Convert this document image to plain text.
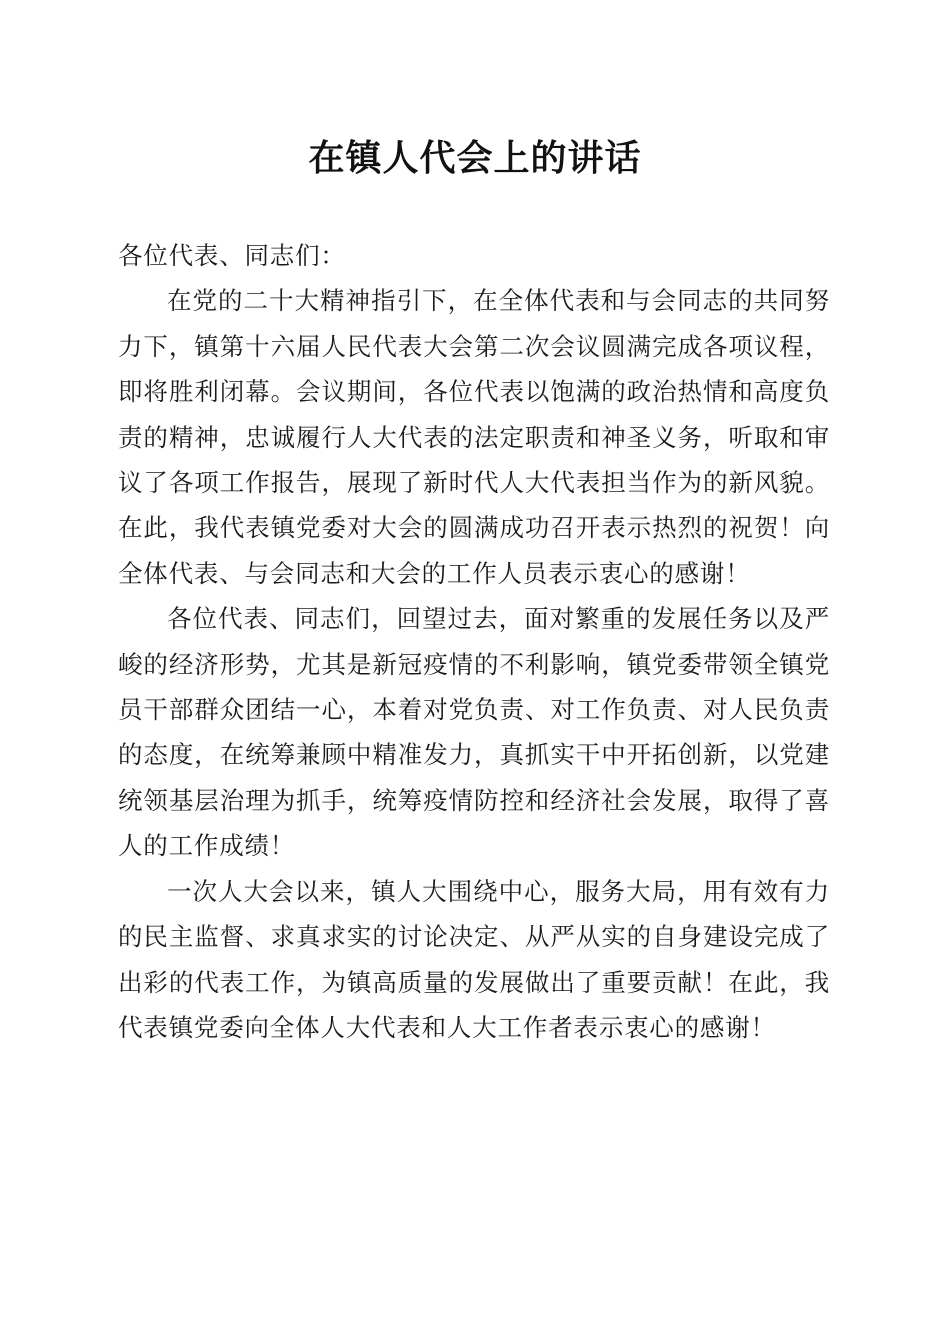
在镇人代会上的讲话

各位代表、同志们：

在党的二十大精神指引下，在全体代表和与会同志的共同努力下，镇第十六届人民代表大会第二次会议圆满完成各项议程，即将胜利闭幕。会议期间，各位代表以饱满的政治热情和高度负责的精神，忠诚履行人大代表的法定职责和神圣义务，听取和审议了各项工作报告，展现了新时代人大代表担当作为的新风貌。在此，我代表镇党委对大会的圆满成功召开表示热烈的祝贺！向全体代表、与会同志和大会的工作人员表示衷心的感谢！

各位代表、同志们，回望过去，面对繁重的发展任务以及严峻的经济形势，尤其是新冠疫情的不利影响，镇党委带领全镇党员干部群众团结一心，本着对党负责、对工作负责、对人民负责的态度，在统筹兼顾中精准发力，真抓实干中开拓创新，以党建统领基层治理为抓手，统筹疫情防控和经济社会发展，取得了喜人的工作成绩！

一次人大会以来，镇人大围绕中心，服务大局，用有效有力的民主监督、求真求实的讨论决定、从严从实的自身建设完成了出彩的代表工作，为镇高质量的发展做出了重要贡献！在此，我代表镇党委向全体人大代表和人大工作者表示衷心的感谢！
